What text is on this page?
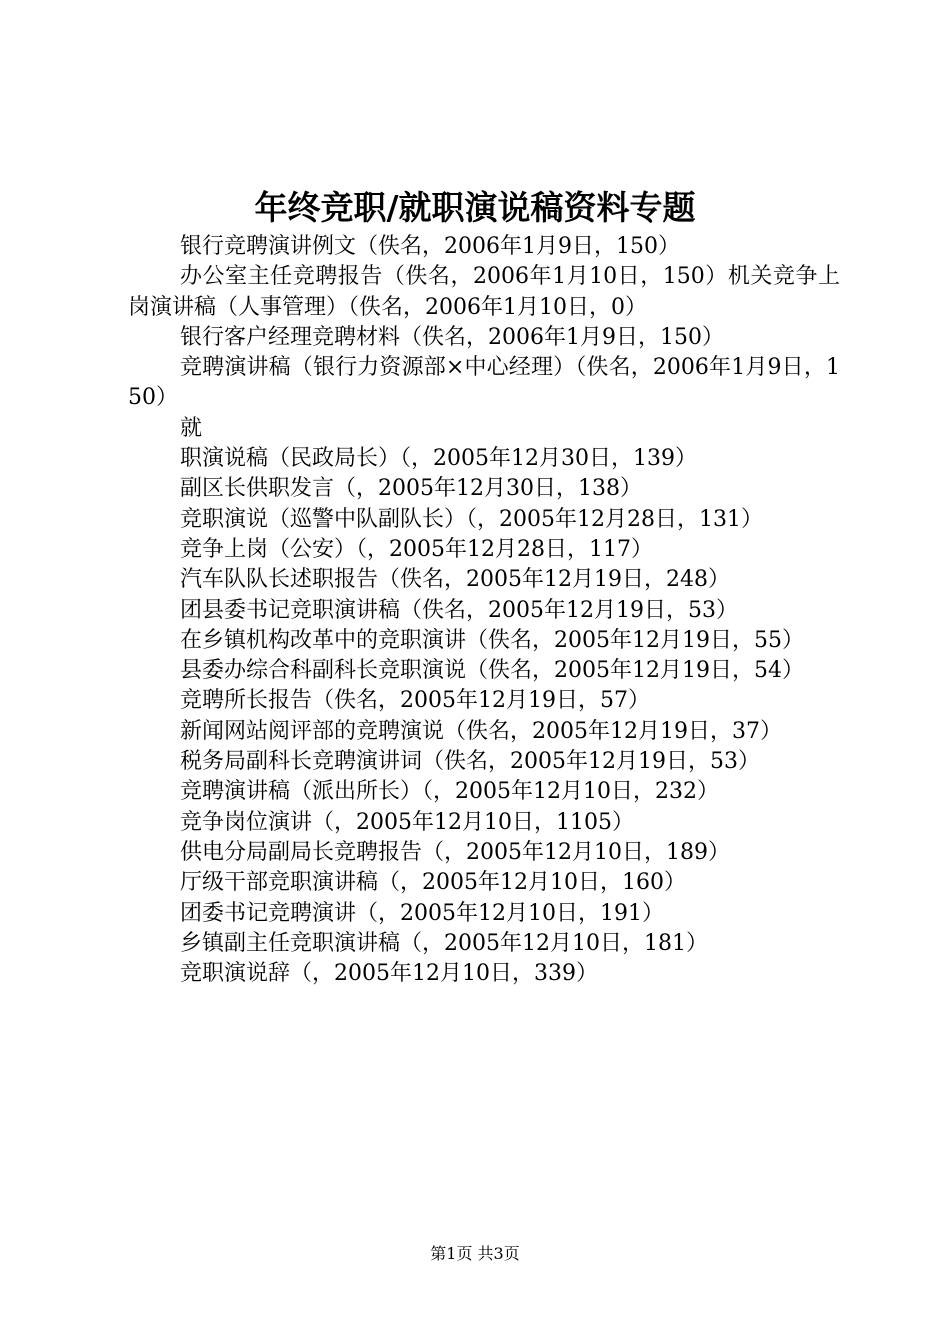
年终竞职/就职演说稿资料专题

银行竞聘演讲例文（佚名，2006年1月9日，150）

办公室主任竞聘报告（佚名，2006年1月10日，150）机关竞争上岗演讲稿（人事管理）（佚名，2006年1月10日，0）

银行客户经理竞聘材料（佚名，2006年1月9日，150）

竞聘演讲稿（银行力资源部×中心经理）（佚名，2006年1月9日，150）

就

职演说稿（民政局长）（，2005年12月30日，139）

副区长供职发言（，2005年12月30日，138）

竞职演说（巡警中队副队长）（，2005年12月28日，131）

竞争上岗（公安）（，2005年12月28日，117）

汽车队队长述职报告（佚名，2005年12月19日，248）

团县委书记竞职演讲稿（佚名，2005年12月19日，53）

在乡镇机构改革中的竞职演讲（佚名，2005年12月19日，55）

县委办综合科副科长竞职演说（佚名，2005年12月19日，54）

竞聘所长报告（佚名，2005年12月19日，57）

新闻网站阅评部的竞聘演说（佚名，2005年12月19日，37）

税务局副科长竞聘演讲词（佚名，2005年12月19日，53）

竞聘演讲稿（派出所长）（，2005年12月10日，232）

竞争岗位演讲（，2005年12月10日，1105）

供电分局副局长竞聘报告（，2005年12月10日，189）

厅级干部竞职演讲稿（，2005年12月10日，160）

团委书记竞聘演讲（，2005年12月10日，191）

乡镇副主任竞职演讲稿（，2005年12月10日，181）

竞职演说辞（，2005年12月10日，339）

第1页 共3页
